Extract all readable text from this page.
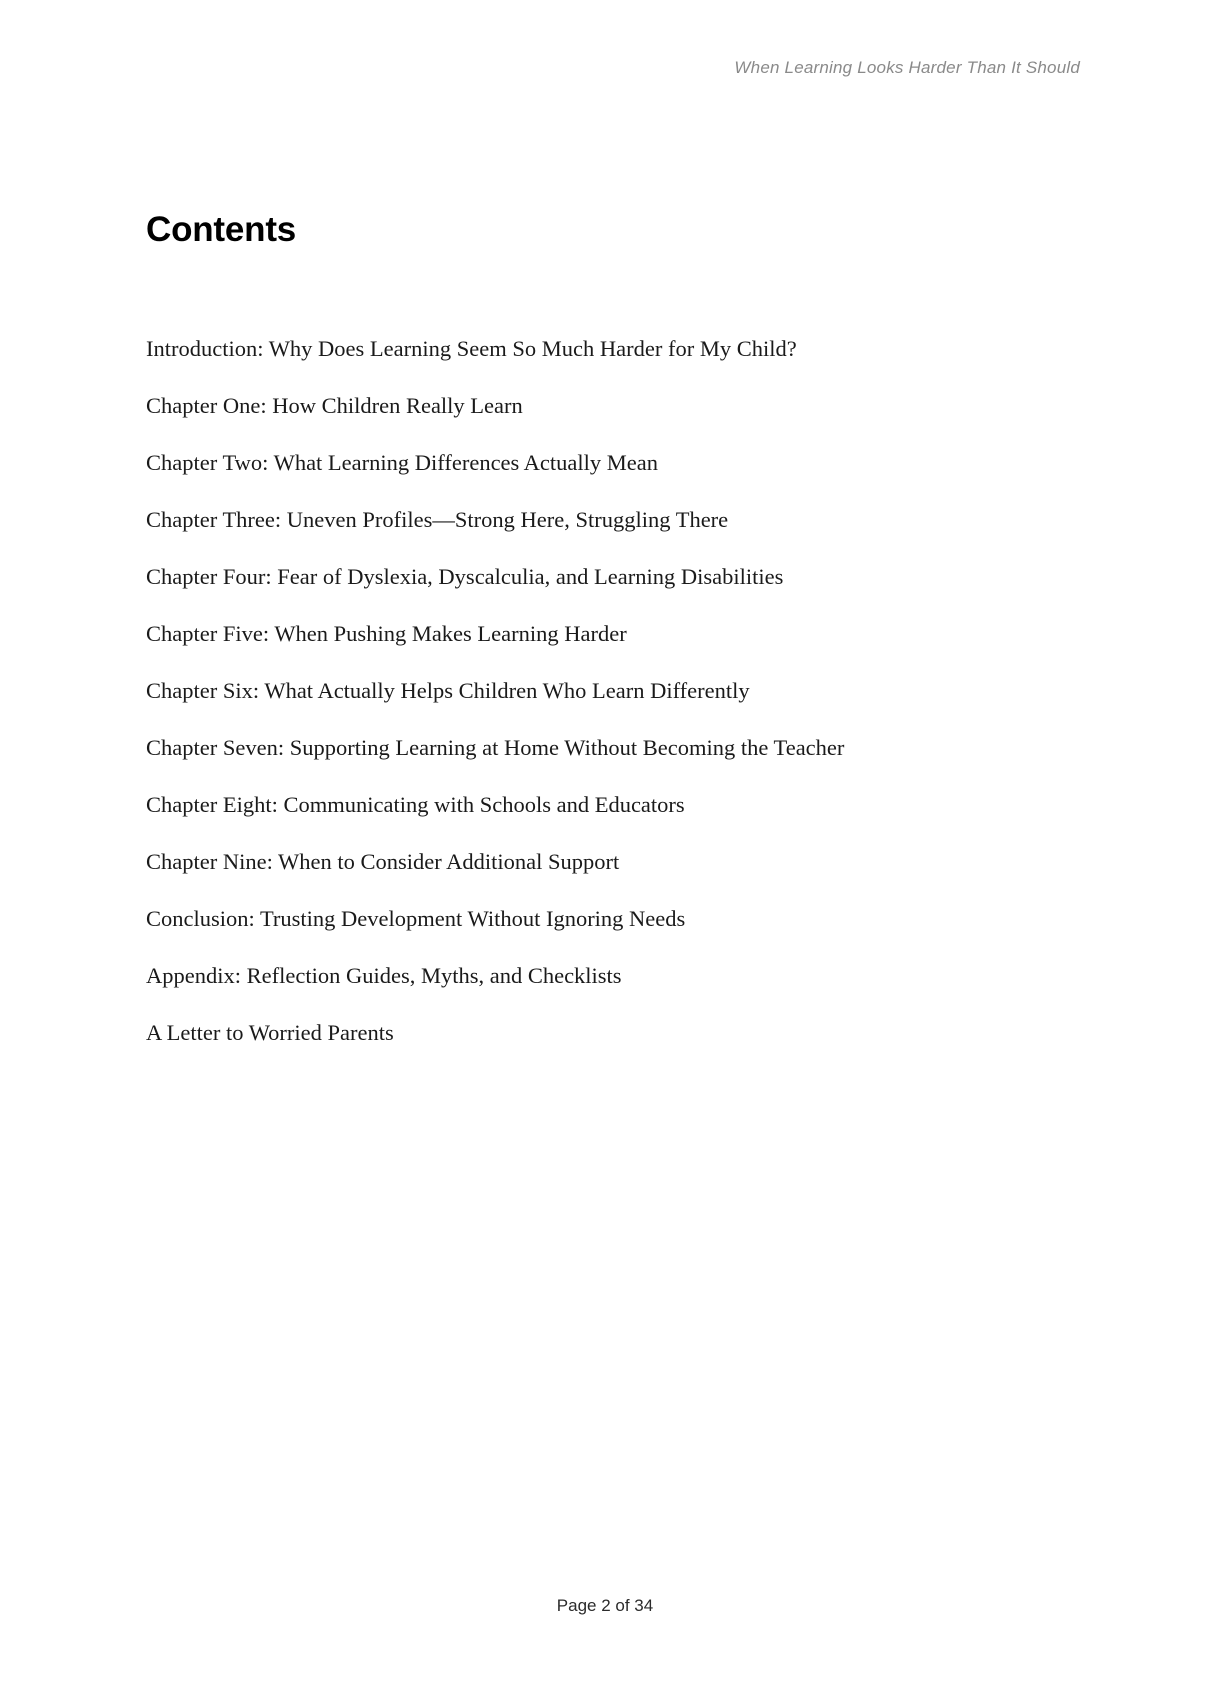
When Learning Looks Harder Than It Should
Contents
Introduction: Why Does Learning Seem So Much Harder for My Child?
Chapter One: How Children Really Learn
Chapter Two: What Learning Differences Actually Mean
Chapter Three: Uneven Profiles—Strong Here, Struggling There
Chapter Four: Fear of Dyslexia, Dyscalculia, and Learning Disabilities
Chapter Five: When Pushing Makes Learning Harder
Chapter Six: What Actually Helps Children Who Learn Differently
Chapter Seven: Supporting Learning at Home Without Becoming the Teacher
Chapter Eight: Communicating with Schools and Educators
Chapter Nine: When to Consider Additional Support
Conclusion: Trusting Development Without Ignoring Needs
Appendix: Reflection Guides, Myths, and Checklists
A Letter to Worried Parents
Page 2 of 34
